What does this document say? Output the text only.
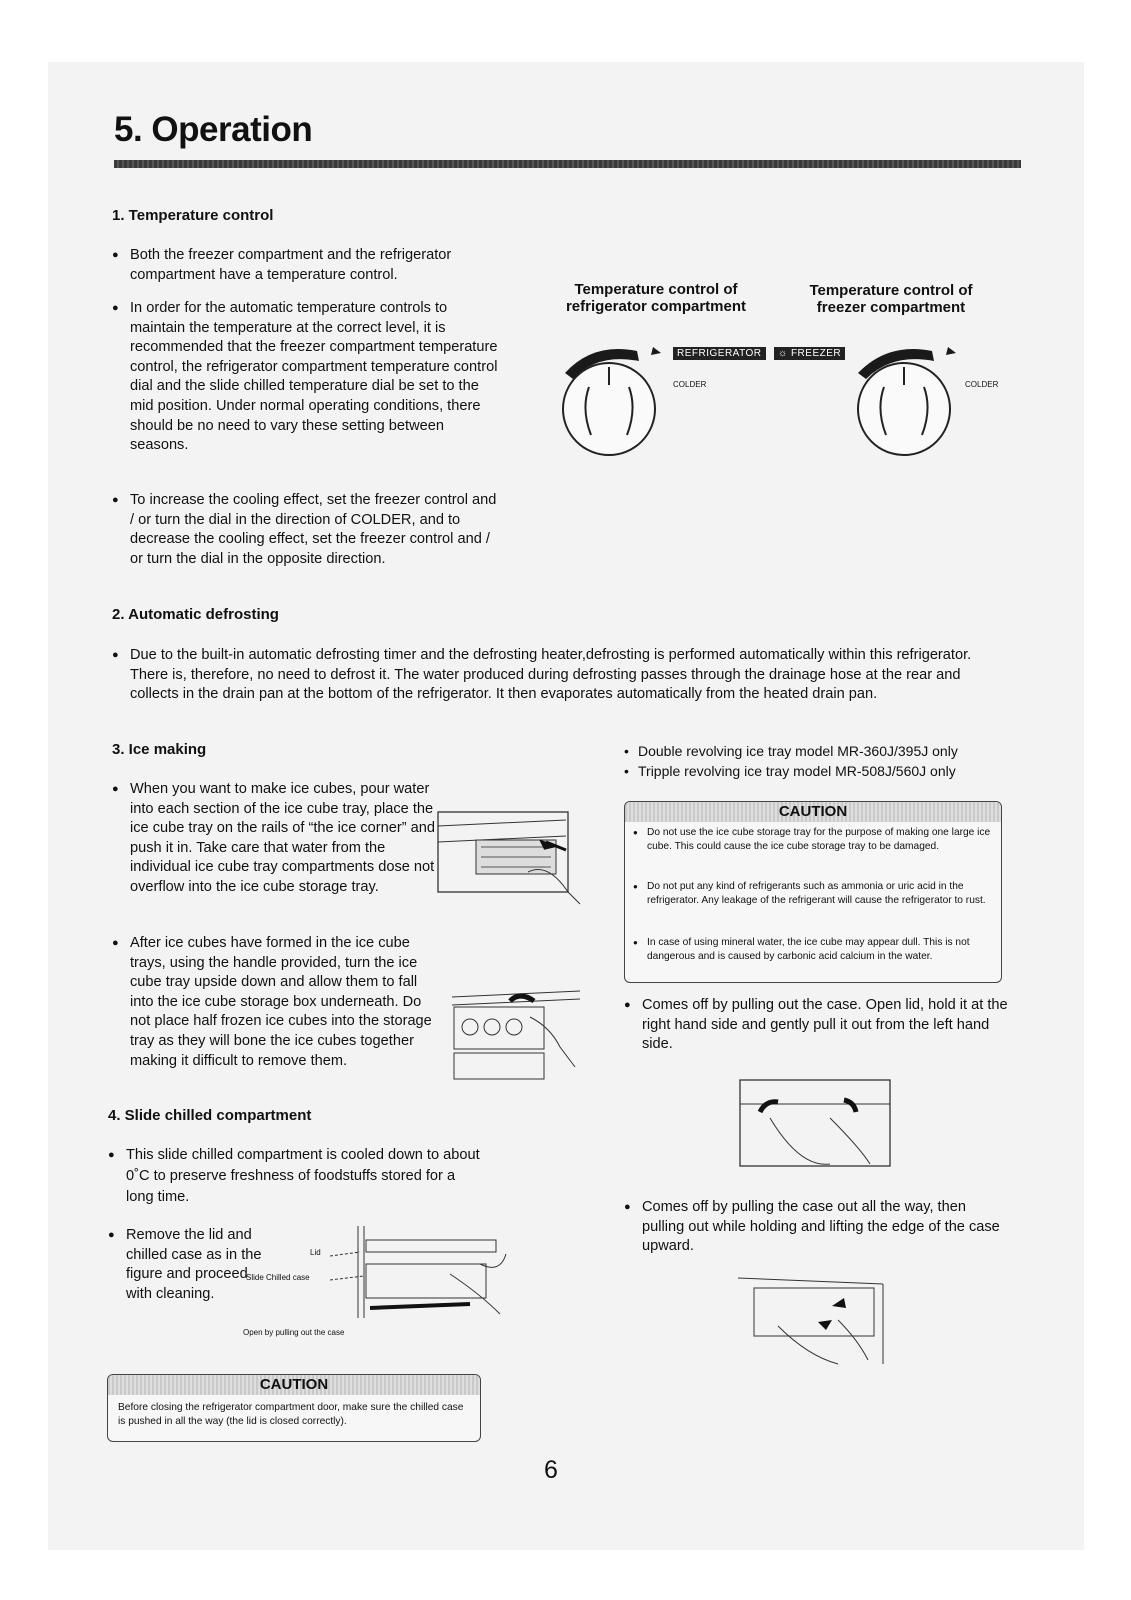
5. Operation
1. Temperature control
● Both the freezer compartment and the refrigerator compartment have a temperature control.
● In order for the automatic temperature controls to maintain the temperature at the correct level, it is recommended that the freezer compartment temperature control, the refrigerator compartment temperature control dial and the slide chilled temperature dial be set to the mid position. Under normal operating conditions, there should be no need to vary these setting between seasons.
● To increase the cooling effect, set the freezer control and / or turn the dial in the direction of COLDER, and to decrease the cooling effect, set the freezer control and / or turn the dial in the opposite direction.
Temperature control of refrigerator compartment
Temperature control of freezer compartment
REFRIGERATOR
COLDER
☼ FREEZER
COLDER
2. Automatic defrosting
● Due to the built-in automatic defrosting timer and the defrosting heater,defrosting is performed automatically within this refrigerator. There is, therefore, no need to defrost it. The water produced during defrosting passes through the drainage hose at the rear and collects in the drain pan at the bottom of the refrigerator. It then evaporates automatically from the heated drain pan.
3. Ice making
● When you want to make ice cubes, pour water into each section of the ice cube tray, place the ice cube tray on the rails of “the ice corner” and push it in. Take care that water from the individual ice cube tray compartments dose not overflow into the ice cube storage tray.
● After ice cubes have formed in the ice cube trays, using the handle provided, turn the ice cube tray upside down and allow them to fall into the ice cube storage box underneath. Do not place half frozen ice cubes into the storage tray as they will bone the ice cubes together making it difficult to remove them.
• Double revolving ice tray model MR-360J/395J only
• Tripple revolving ice tray model MR-508J/560J only
CAUTION
● Do not use the ice cube storage tray for the purpose of making one large ice cube. This could cause the ice cube storage tray to be damaged.
● Do not put any kind of refrigerants such as ammonia or uric acid in the refrigerator. Any leakage of the refrigerant will cause the refrigerator to rust.
● In case of using mineral water, the ice cube may appear dull. This is not dangerous and is caused by carbonic acid calcium in the water.
● Comes off by pulling out the case. Open lid, hold it at the right hand side and gently pull it out from the left hand side.
● Comes off by pulling the case out all the way, then pulling out while holding and lifting the edge of the case upward.
4. Slide chilled compartment
● This slide chilled compartment is cooled down to about 0˚C to preserve freshness of foodstuffs stored for a long time.
● Remove the lid and chilled case as in the figure and proceed with cleaning.
Lid
Slide Chilled case
Open by pulling out the case
CAUTION
Before closing the refrigerator compartment door, make sure the chilled case is pushed in all the way (the lid is closed correctly).
6
